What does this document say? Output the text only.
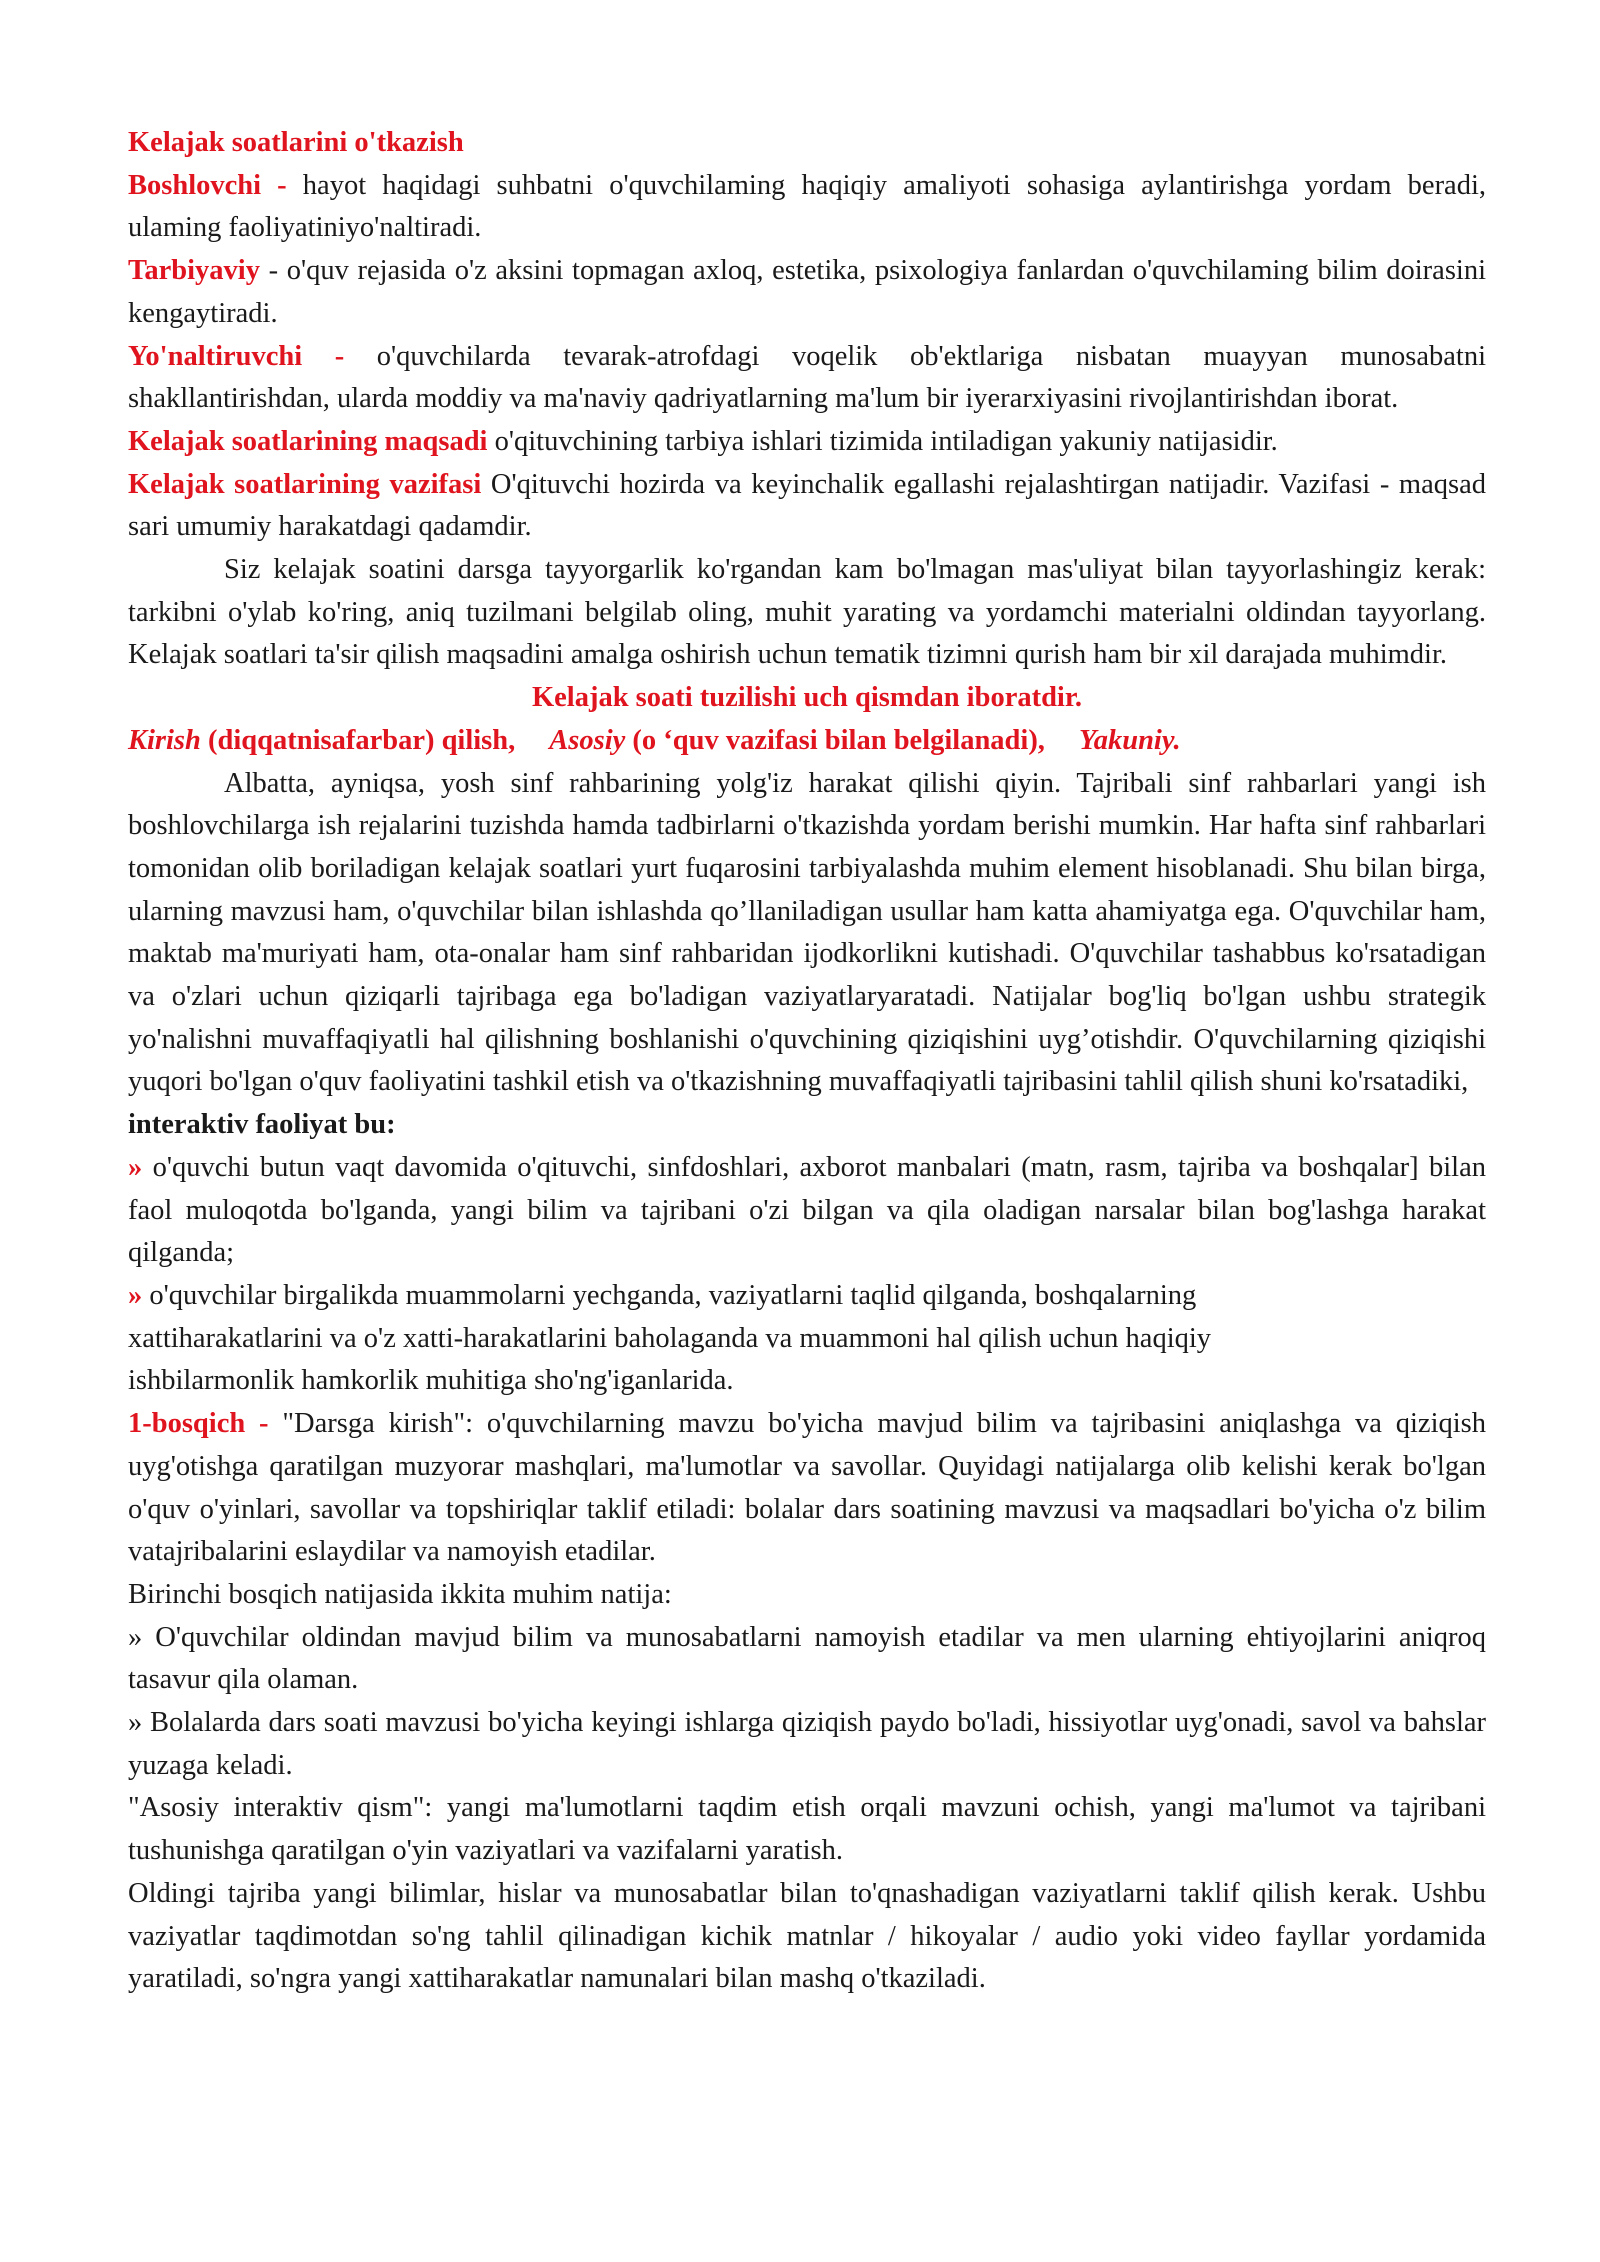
Kelajak soatlarini o'tkazish

Boshlovchi - hayot haqidagi suhbatni o'quvchilaming haqiqiy amaliyoti sohasiga aylantirishga yordam beradi, ulaming faoliyatiniyo'naltiradi.

Tarbiyaviy - o'quv rejasida o'z aksini topmagan axloq, estetika, psixologiya fanlardan o'quvchilaming bilim doirasini kengaytiradi.

Yo'naltiruvchi - o'quvchilarda tevarak-atrofdagi voqelik ob'ektlariga nisbatan muayyan munosabatni shakllantirishdan, ularda moddiy va ma'naviy qadriyatlarning ma'lum bir iyerarxiyasini rivojlantirishdan iborat.

Kelajak soatlarining maqsadi o'qituvchining tarbiya ishlari tizimida intiladigan yakuniy natijasidir.

Kelajak soatlarining vazifasi O'qituvchi hozirda va keyinchalik egallashi rejalashtirgan natijadir. Vazifasi - maqsad sari umumiy harakatdagi qadamdir.

Siz kelajak soatini darsga tayyorgarlik ko'rgandan kam bo'lmagan mas'uliyat bilan tayyorlashingiz kerak: tarkibni o'ylab ko'ring, aniq tuzilmani belgilab oling, muhit yarating va yordamchi materialni oldindan tayyorlang. Kelajak soatlari ta'sir qilish maqsadini amalga oshirish uchun tematik tizimni qurish ham bir xil darajada muhimdir.

Kelajak soati tuzilishi uch qismdan iboratdir.

Kirish (diqqatnisafarbar) qilish, Asosiy (o ‘quv vazifasi bilan belgilanadi), Yakuniy.

Albatta, ayniqsa, yosh sinf rahbarining yolg'iz harakat qilishi qiyin. Tajribali sinf rahbarlari yangi ish boshlovchilarga ish rejalarini tuzishda hamda tadbirlarni o'tkazishda yordam berishi mumkin. Har hafta sinf rahbarlari tomonidan olib boriladigan kelajak soatlari yurt fuqarosini tarbiyalashda muhim element hisoblanadi. Shu bilan birga, ularning mavzusi ham, o'quvchilar bilan ishlashda qo’llaniladigan usullar ham katta ahamiyatga ega. O'quvchilar ham, maktab ma'muriyati ham, ota-onalar ham sinf rahbaridan ijodkorlikni kutishadi. O'quvchilar tashabbus ko'rsatadigan va o'zlari uchun qiziqarli tajribaga ega bo'ladigan vaziyatlaryaratadi. Natijalar bog'liq bo'lgan ushbu strategik yo'nalishni muvaffaqiyatli hal qilishning boshlanishi o'quvchining qiziqishini uyg’otishdir. O'quvchilarning qiziqishi yuqori bo'lgan o'quv faoliyatini tashkil etish va o'tkazishning muvaffaqiyatli tajribasini tahlil qilish shuni ko'rsatadiki,

interaktiv faoliyat bu:

» o'quvchi butun vaqt davomida o'qituvchi, sinfdoshlari, axborot manbalari (matn, rasm, tajriba va boshqalar] bilan faol muloqotda bo'lganda, yangi bilim va tajribani o'zi bilgan va qila oladigan narsalar bilan bog'lashga harakat qilganda;

» o'quvchilar birgalikda muammolarni yechganda, vaziyatlarni taqlid qilganda, boshqalarning xattiharakatlarini va o'z xatti-harakatlarini baholaganda va muammoni hal qilish uchun haqiqiy ishbilarmonlik hamkorlik muhitiga sho'ng'iganlarida.

1-bosqich - "Darsga kirish": o'quvchilarning mavzu bo'yicha mavjud bilim va tajribasini aniqlashga va qiziqish uyg'otishga qaratilgan muzyorar mashqlari, ma'lumotlar va savollar. Quyidagi natijalarga olib kelishi kerak bo'lgan o'quv o'yinlari, savollar va topshiriqlar taklif etiladi: bolalar dars soatining mavzusi va maqsadlari bo'yicha o'z bilim vatajribalarini eslaydilar va namoyish etadilar.

Birinchi bosqich natijasida ikkita muhim natija:

» O'quvchilar oldindan mavjud bilim va munosabatlarni namoyish etadilar va men ularning ehtiyojlarini aniqroq tasavur qila olaman.

» Bolalarda dars soati mavzusi bo'yicha keyingi ishlarga qiziqish paydo bo'ladi, hissiyotlar uyg'onadi, savol va bahslar yuzaga keladi.

"Asosiy interaktiv qism": yangi ma'lumotlarni taqdim etish orqali mavzuni ochish, yangi ma'lumot va tajribani tushunishga qaratilgan o'yin vaziyatlari va vazifalarni yaratish.

Oldingi tajriba yangi bilimlar, hislar va munosabatlar bilan to'qnashadigan vaziyatlarni taklif qilish kerak. Ushbu vaziyatlar taqdimotdan so'ng tahlil qilinadigan kichik matnlar / hikoyalar / audio yoki video fayllar yordamida yaratiladi, so'ngra yangi xattiharakatlar namunalari bilan mashq o'tkaziladi.
